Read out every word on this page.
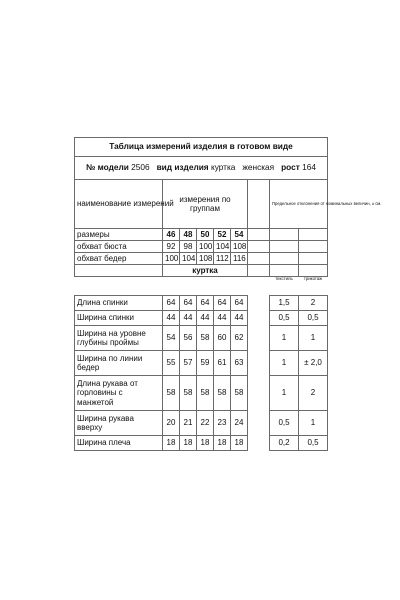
Таблица измерений изделия в готовом виде								
№ модели 2506 вид изделия куртка женская рост 164								
наименование измерений	измерения по группам						Предельное отклонения от номинальных величин, ± см.	
размеры	46	48	50	52	54			
обхват бюста	92	98	100	104	108			
обхват бедер	100	104	108	112	116			
	куртка							
							текстиль	трикотаж
Длина спинки	64	64	64	64	64		1,5	2
Ширина спинки	44	44	44	44	44		0,5	0,5
Ширина на уровне глубины проймы	54	56	58	60	62		1	1
Ширина по линии бедер	55	57	59	61	63		1	± 2,0
Длина рукава от горловины с манжетой	58	58	58	58	58		1	2
Ширина рукава вверху	20	21	22	23	24		0,5	1
Ширина плеча	18	18	18	18	18		0,2	0,5
